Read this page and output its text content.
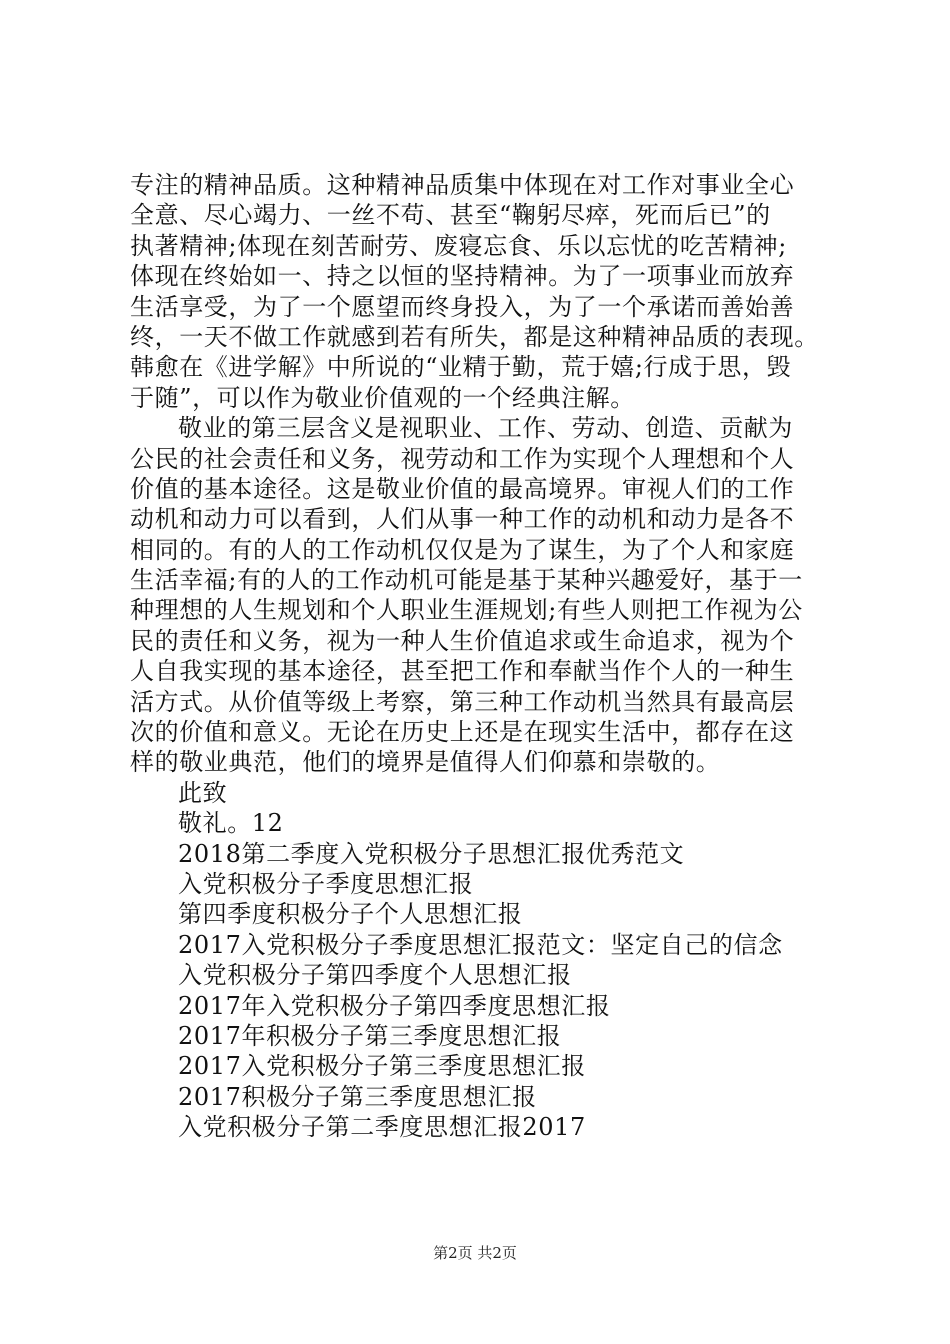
专注的精神品质。这种精神品质集中体现在对工作对事业全心
全意、尽心竭力、一丝不苟、甚至“鞠躬尽瘁，死而后已”的
执著精神;体现在刻苦耐劳、废寝忘食、乐以忘忧的吃苦精神;
体现在终始如一、持之以恒的坚持精神。为了一项事业而放弃
生活享受，为了一个愿望而终身投入，为了一个承诺而善始善
终，一天不做工作就感到若有所失，都是这种精神品质的表现。
韩愈在《进学解》中所说的“业精于勤，荒于嬉;行成于思，毁
于随”，可以作为敬业价值观的一个经典注解。
敬业的第三层含义是视职业、工作、劳动、创造、贡献为
公民的社会责任和义务，视劳动和工作为实现个人理想和个人
价值的基本途径。这是敬业价值的最高境界。审视人们的工作
动机和动力可以看到，人们从事一种工作的动机和动力是各不
相同的。有的人的工作动机仅仅是为了谋生，为了个人和家庭
生活幸福;有的人的工作动机可能是基于某种兴趣爱好，基于一
种理想的人生规划和个人职业生涯规划;有些人则把工作视为公
民的责任和义务，视为一种人生价值追求或生命追求，视为个
人自我实现的基本途径，甚至把工作和奉献当作个人的一种生
活方式。从价值等级上考察，第三种工作动机当然具有最高层
次的价值和意义。无论在历史上还是在现实生活中，都存在这
样的敬业典范，他们的境界是值得人们仰慕和崇敬的。
此致
敬礼。12
2018第二季度入党积极分子思想汇报优秀范文
入党积极分子季度思想汇报
第四季度积极分子个人思想汇报
2017入党积极分子季度思想汇报范文：坚定自己的信念
入党积极分子第四季度个人思想汇报
2017年入党积极分子第四季度思想汇报
2017年积极分子第三季度思想汇报
2017入党积极分子第三季度思想汇报
2017积极分子第三季度思想汇报
入党积极分子第二季度思想汇报2017
第2页 共2页
